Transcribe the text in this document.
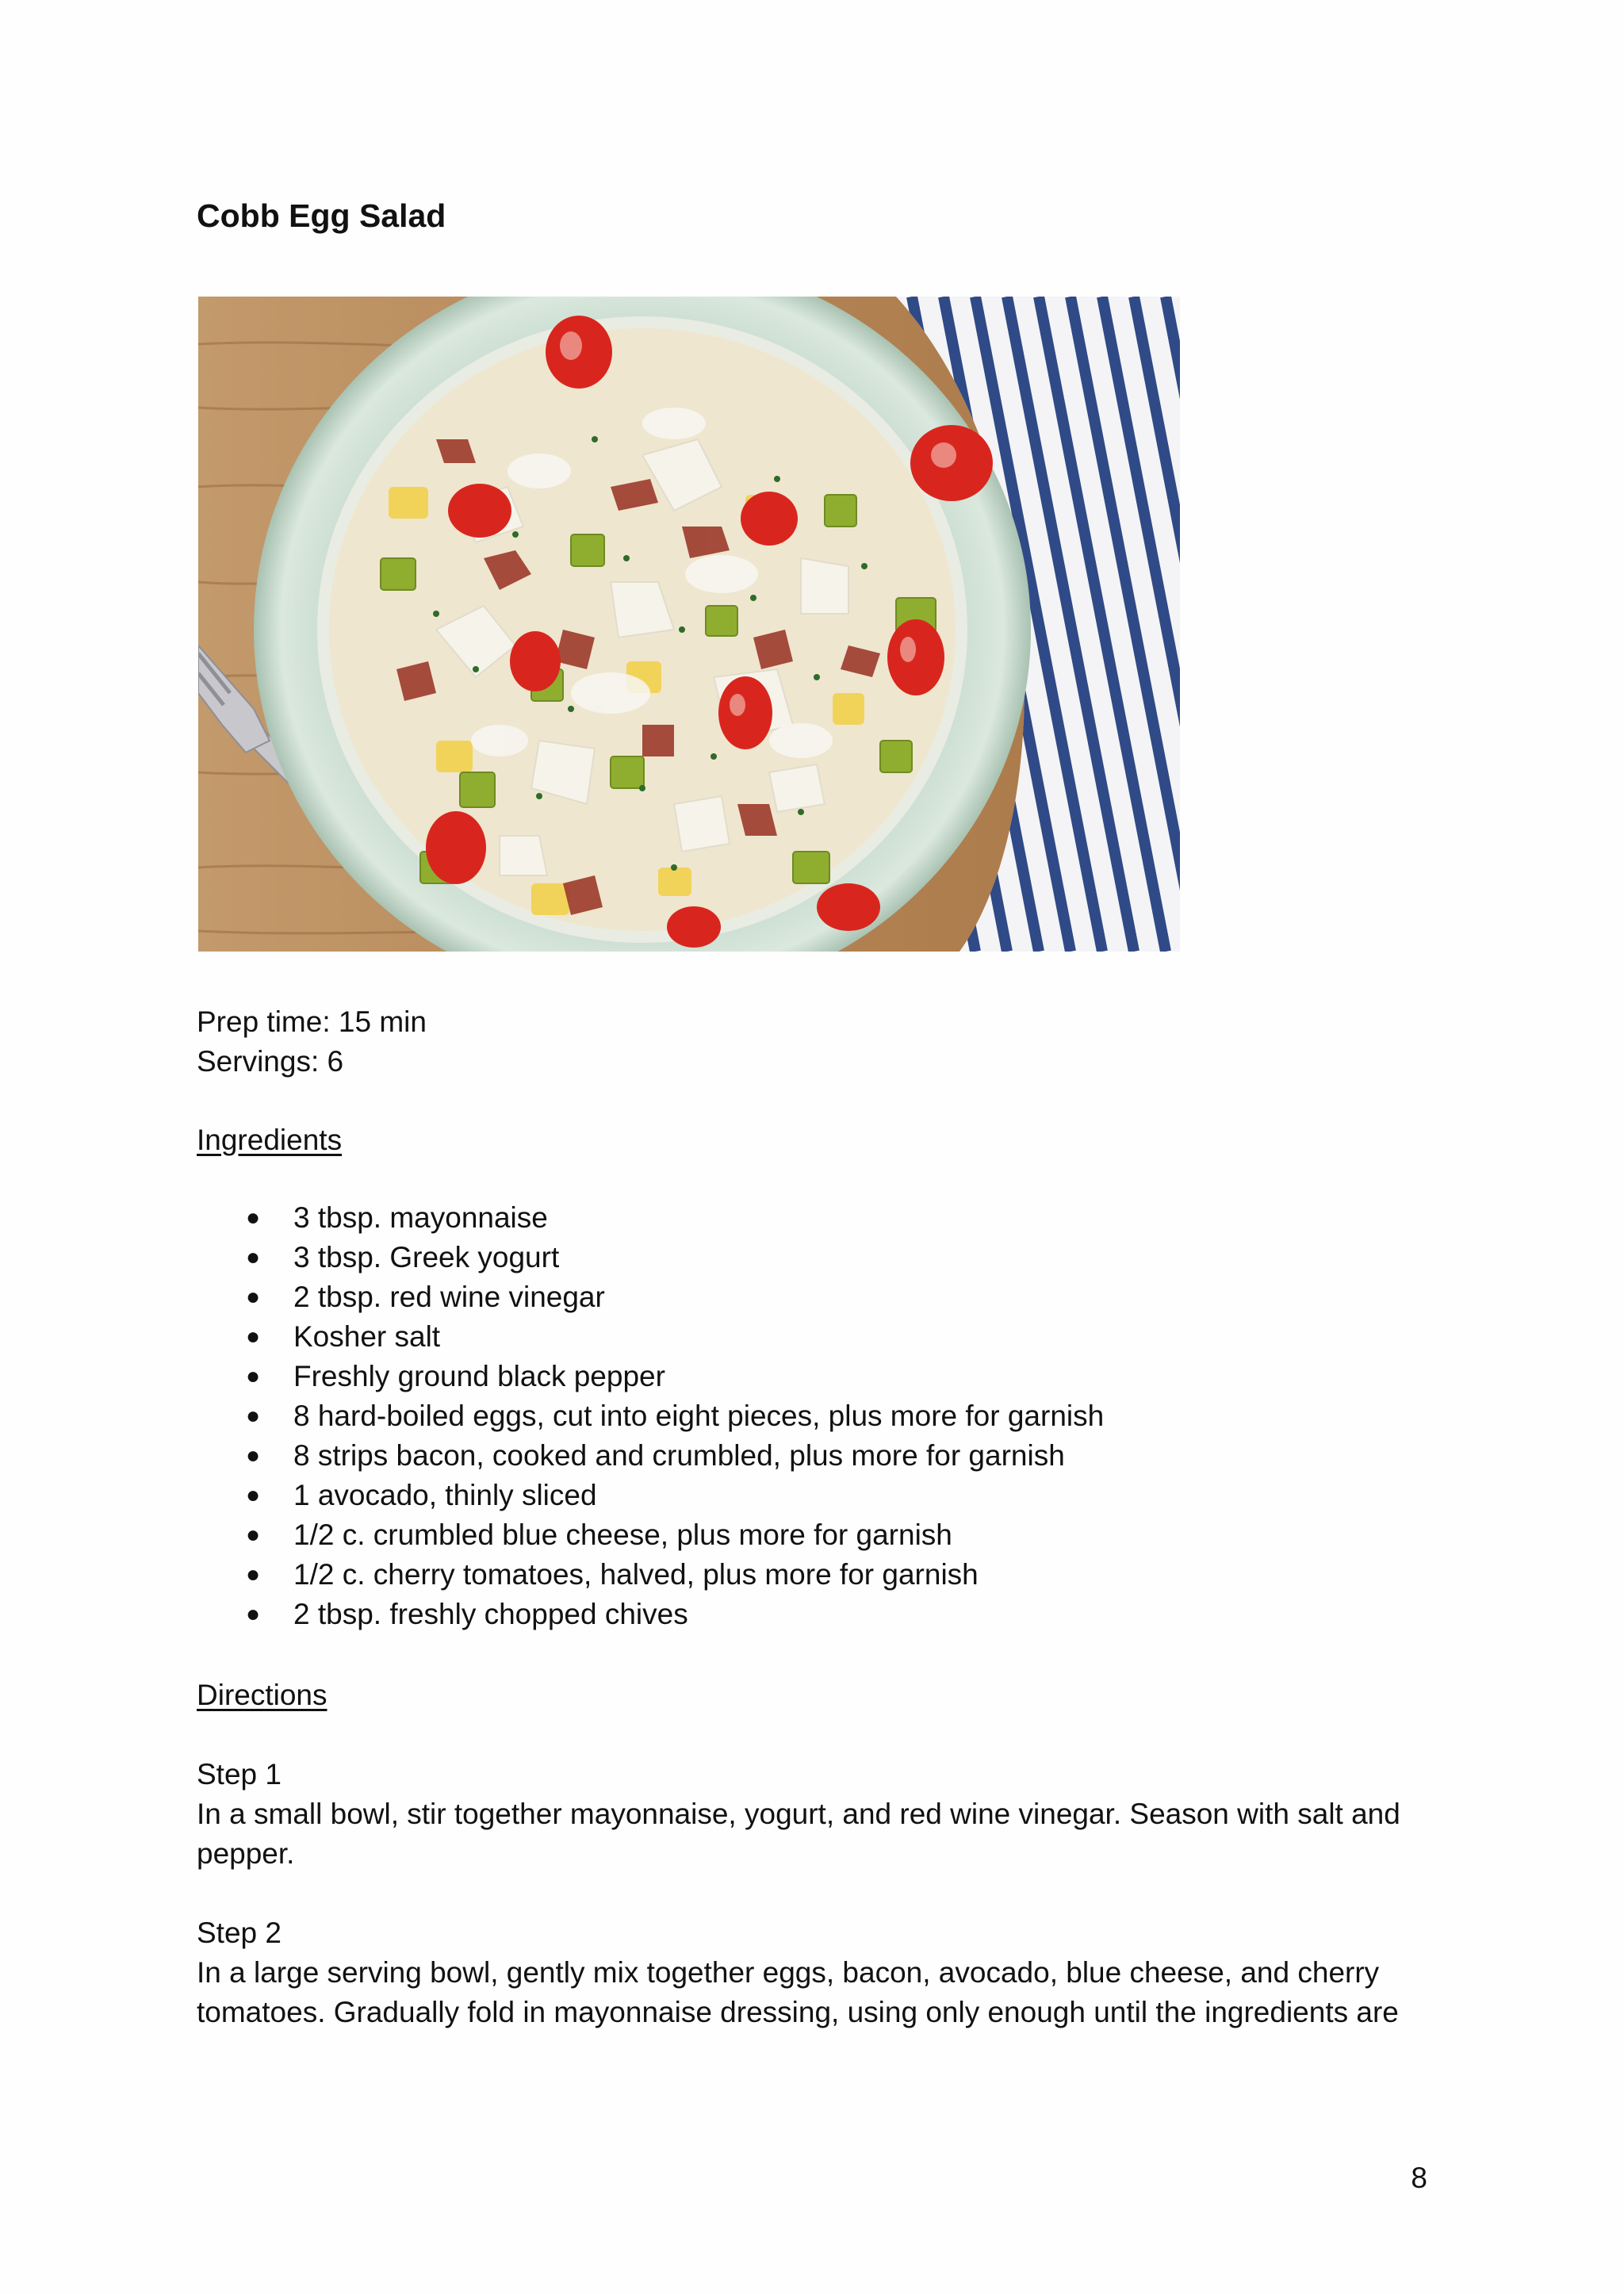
Cobb Egg Salad

Prep time: 15 min

Servings: 6

Ingredients

● 3 tbsp. mayonnaise
● 3 tbsp. Greek yogurt
● 2 tbsp. red wine vinegar
● Kosher salt
● Freshly ground black pepper
● 8 hard-boiled eggs, cut into eight pieces, plus more for garnish
● 8 strips bacon, cooked and crumbled, plus more for garnish
● 1 avocado, thinly sliced
● 1/2 c. crumbled blue cheese, plus more for garnish
● 1/2 c. cherry tomatoes, halved, plus more for garnish
● 2 tbsp. freshly chopped chives

Directions

Step 1

In a small bowl, stir together mayonnaise, yogurt, and red wine vinegar. Season with salt and pepper.

Step 2

In a large serving bowl, gently mix together eggs, bacon, avocado, blue cheese, and cherry tomatoes. Gradually fold in mayonnaise dressing, using only enough until the ingredients are

8
